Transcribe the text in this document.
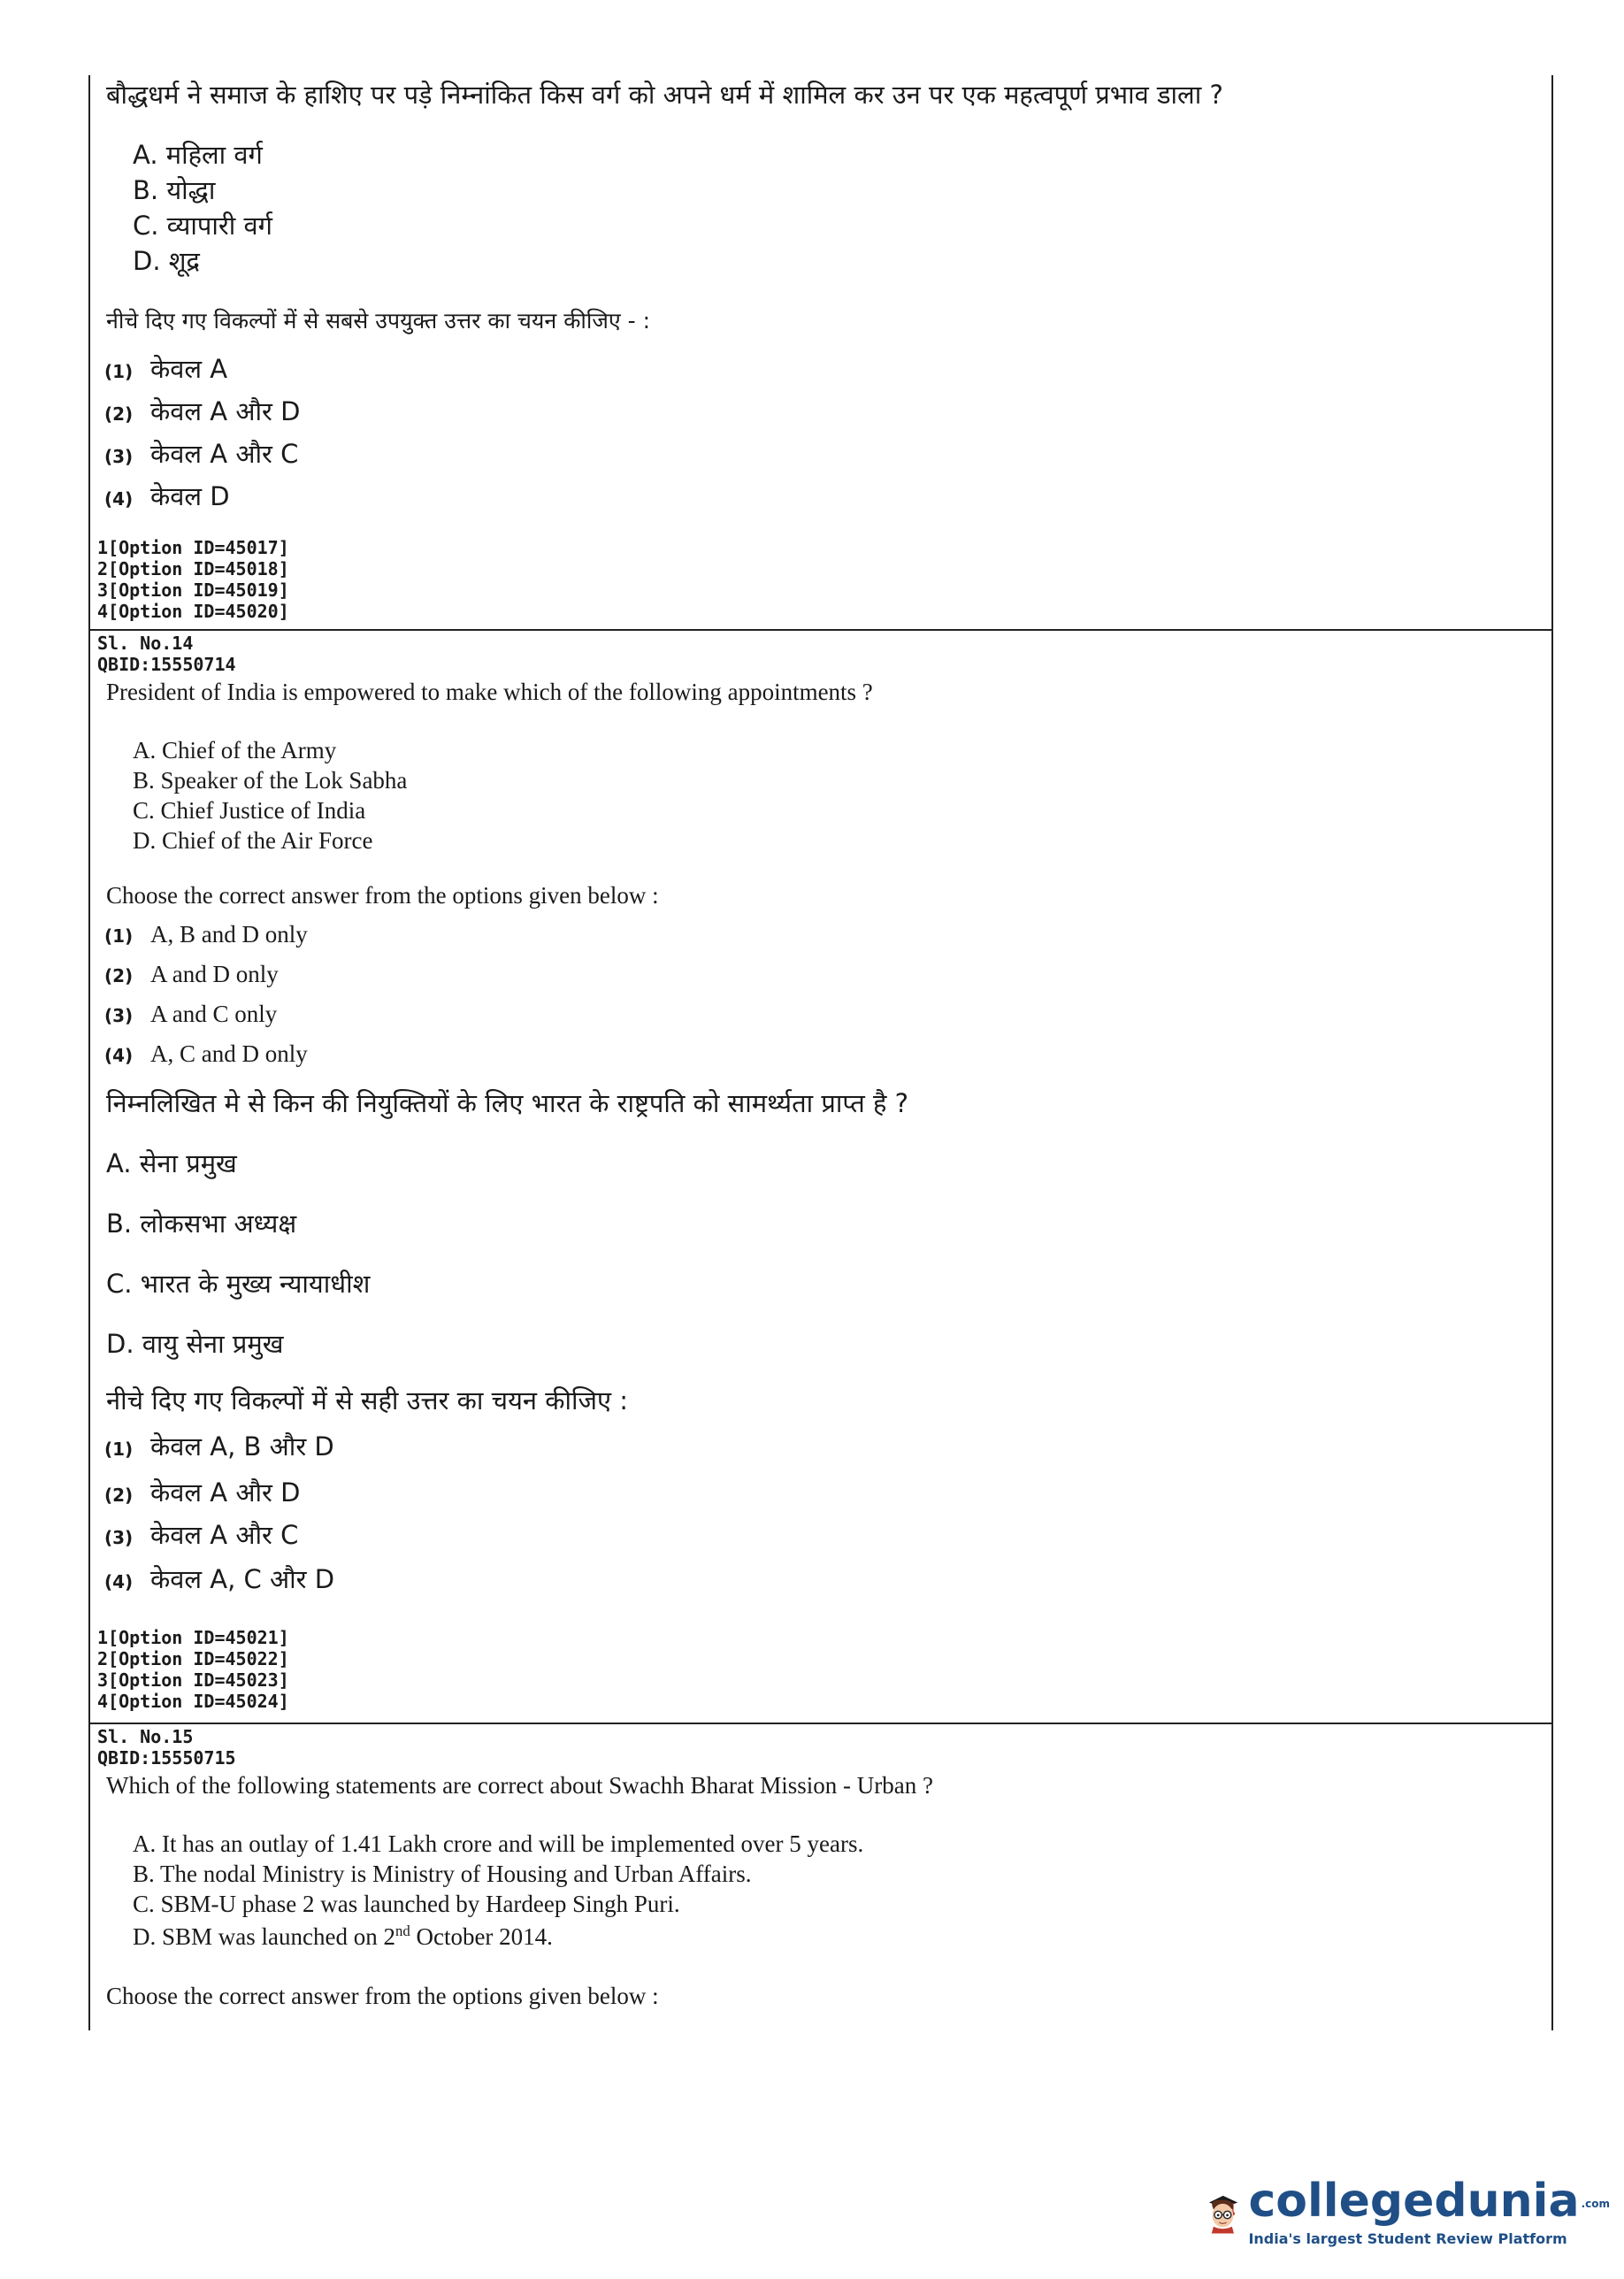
बौद्धधर्म ने समाज के हाशिए पर पड़े निम्नांकित किस वर्ग को अपने धर्म में शामिल कर उन पर एक महत्वपूर्ण प्रभाव डाला ?
A. महिला वर्ग
B. योद्धा
C. व्यापारी वर्ग
D. शूद्र
नीचे दिए गए विकल्पों में से सबसे उपयुक्त उत्तर का चयन कीजिए - :
(1) केवल A
(2) केवल A और D
(3) केवल A और C
(4) केवल D
1[Option ID=45017]
2[Option ID=45018]
3[Option ID=45019]
4[Option ID=45020]
Sl. No.14
QBID:15550714
President of India is empowered to make which of the following appointments ?
A. Chief of the Army
B. Speaker of the Lok Sabha
C. Chief Justice of India
D. Chief of the Air Force
Choose the correct answer from the options given below :
(1) A, B and D only
(2) A and D only
(3) A and C only
(4) A, C and D only
निम्नलिखित मे से किन की नियुक्तियों के लिए भारत के राष्ट्रपति को सामर्थ्यता प्राप्त है ?
A. सेना प्रमुख
B. लोकसभा अध्यक्ष
C. भारत के मुख्य न्यायाधीश
D. वायु सेना प्रमुख
नीचे दिए गए विकल्पों में से सही उत्तर का चयन कीजिए :
(1) केवल A, B और D
(2) केवल A और D
(3) केवल A और C
(4) केवल A, C और D
1[Option ID=45021]
2[Option ID=45022]
3[Option ID=45023]
4[Option ID=45024]
Sl. No.15
QBID:15550715
Which of the following statements are correct about Swachh Bharat Mission - Urban ?
A. It has an outlay of 1.41 Lakh crore and will be implemented over 5 years.
B. The nodal Ministry is Ministry of Housing and Urban Affairs.
C. SBM-U phase 2 was launched by Hardeep Singh Puri.
D. SBM was launched on 2nd October 2014.
Choose the correct answer from the options given below :
collegedunia .com
India's largest Student Review Platform
